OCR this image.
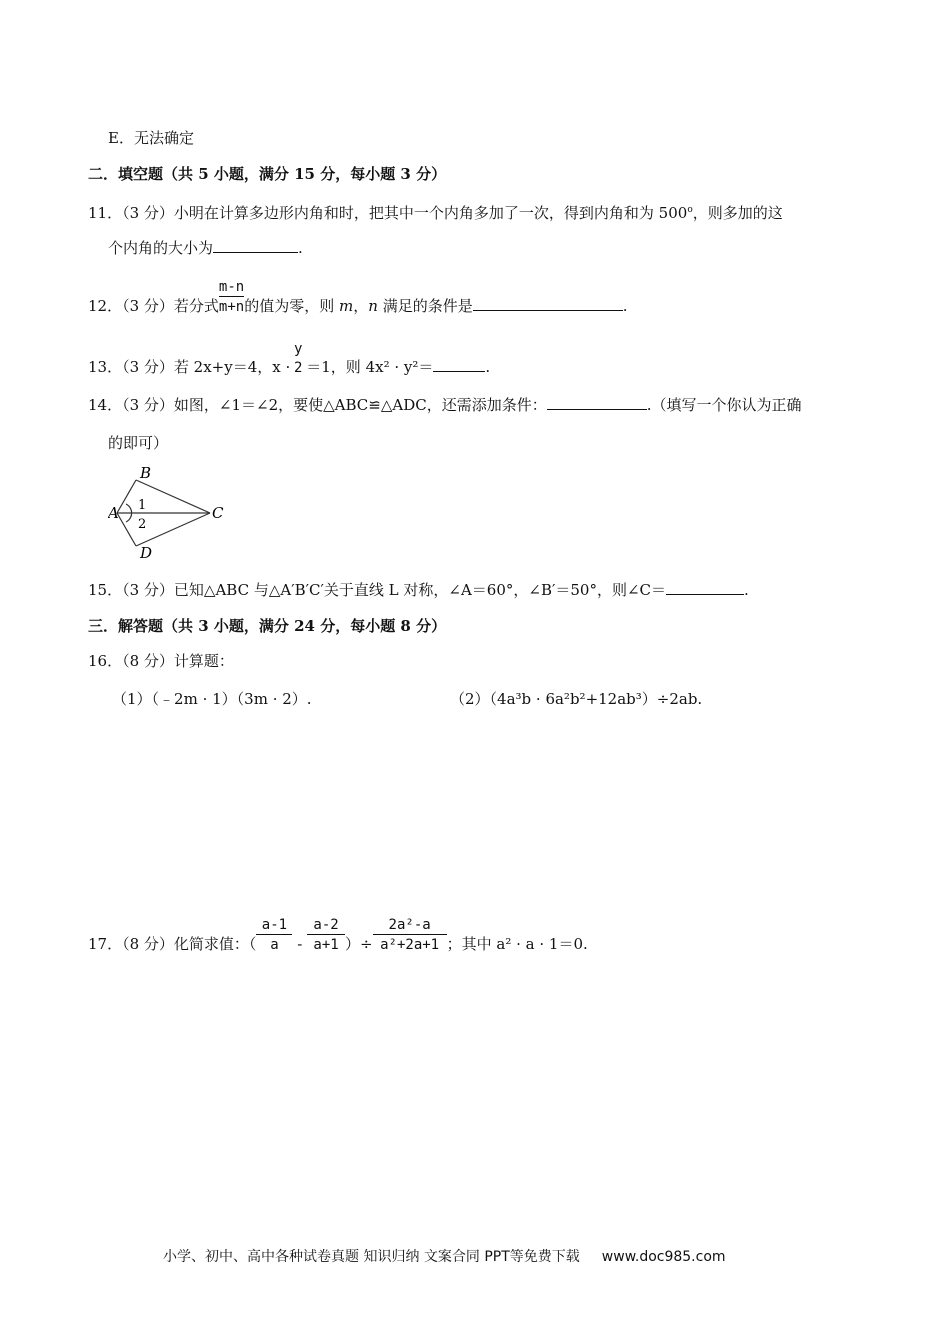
E．无法确定
二．填空题（共 5 小题，满分 15 分，每小题 3 分）
11．（3 分）小明在计算多边形内角和时，把其中一个内角多加了一次，得到内角和为 500$^o$，则多加的这
个内角的大小为	.
12．（3 分）若分式 $\frac{m-n}{m+n}$ 的值为零，则 m，n 满足的条件是	.
13．（3 分）若 2x+y＝4，x ·
y
2 ＝1，则 4x² · y²＝	.
14．（3 分）如图，∠1＝∠2，要使△ABC≌△ADC，还需添加条件：	.（填写一个你认为正确
的即可）
B
A	C
D
1
2
15．（3 分）已知△ABC 与△A′B′C′关于直线 L 对称，∠A＝60°，∠B′＝50°，则∠C＝	.
三．解答题（共 3 小题，满分 24 分，每小题 8 分）
16．（8 分）计算题：
（1）（﹣2m · 1）（3m · 2）.	（2）（4a³b · 6a²b²+12ab³）÷2ab.
17．（8 分）化简求值：（ $\frac{a-1}{a} - \frac{a-2}{a+1}$ ）÷ $\frac{\text{2a²-a}}{\text{a²+2a+1}}$ ；其中 a² · a · 1＝0.
小学、初中、高中各种试卷真题 知识归纳 文案合同 PPT等免费下载 www.doc985.com
